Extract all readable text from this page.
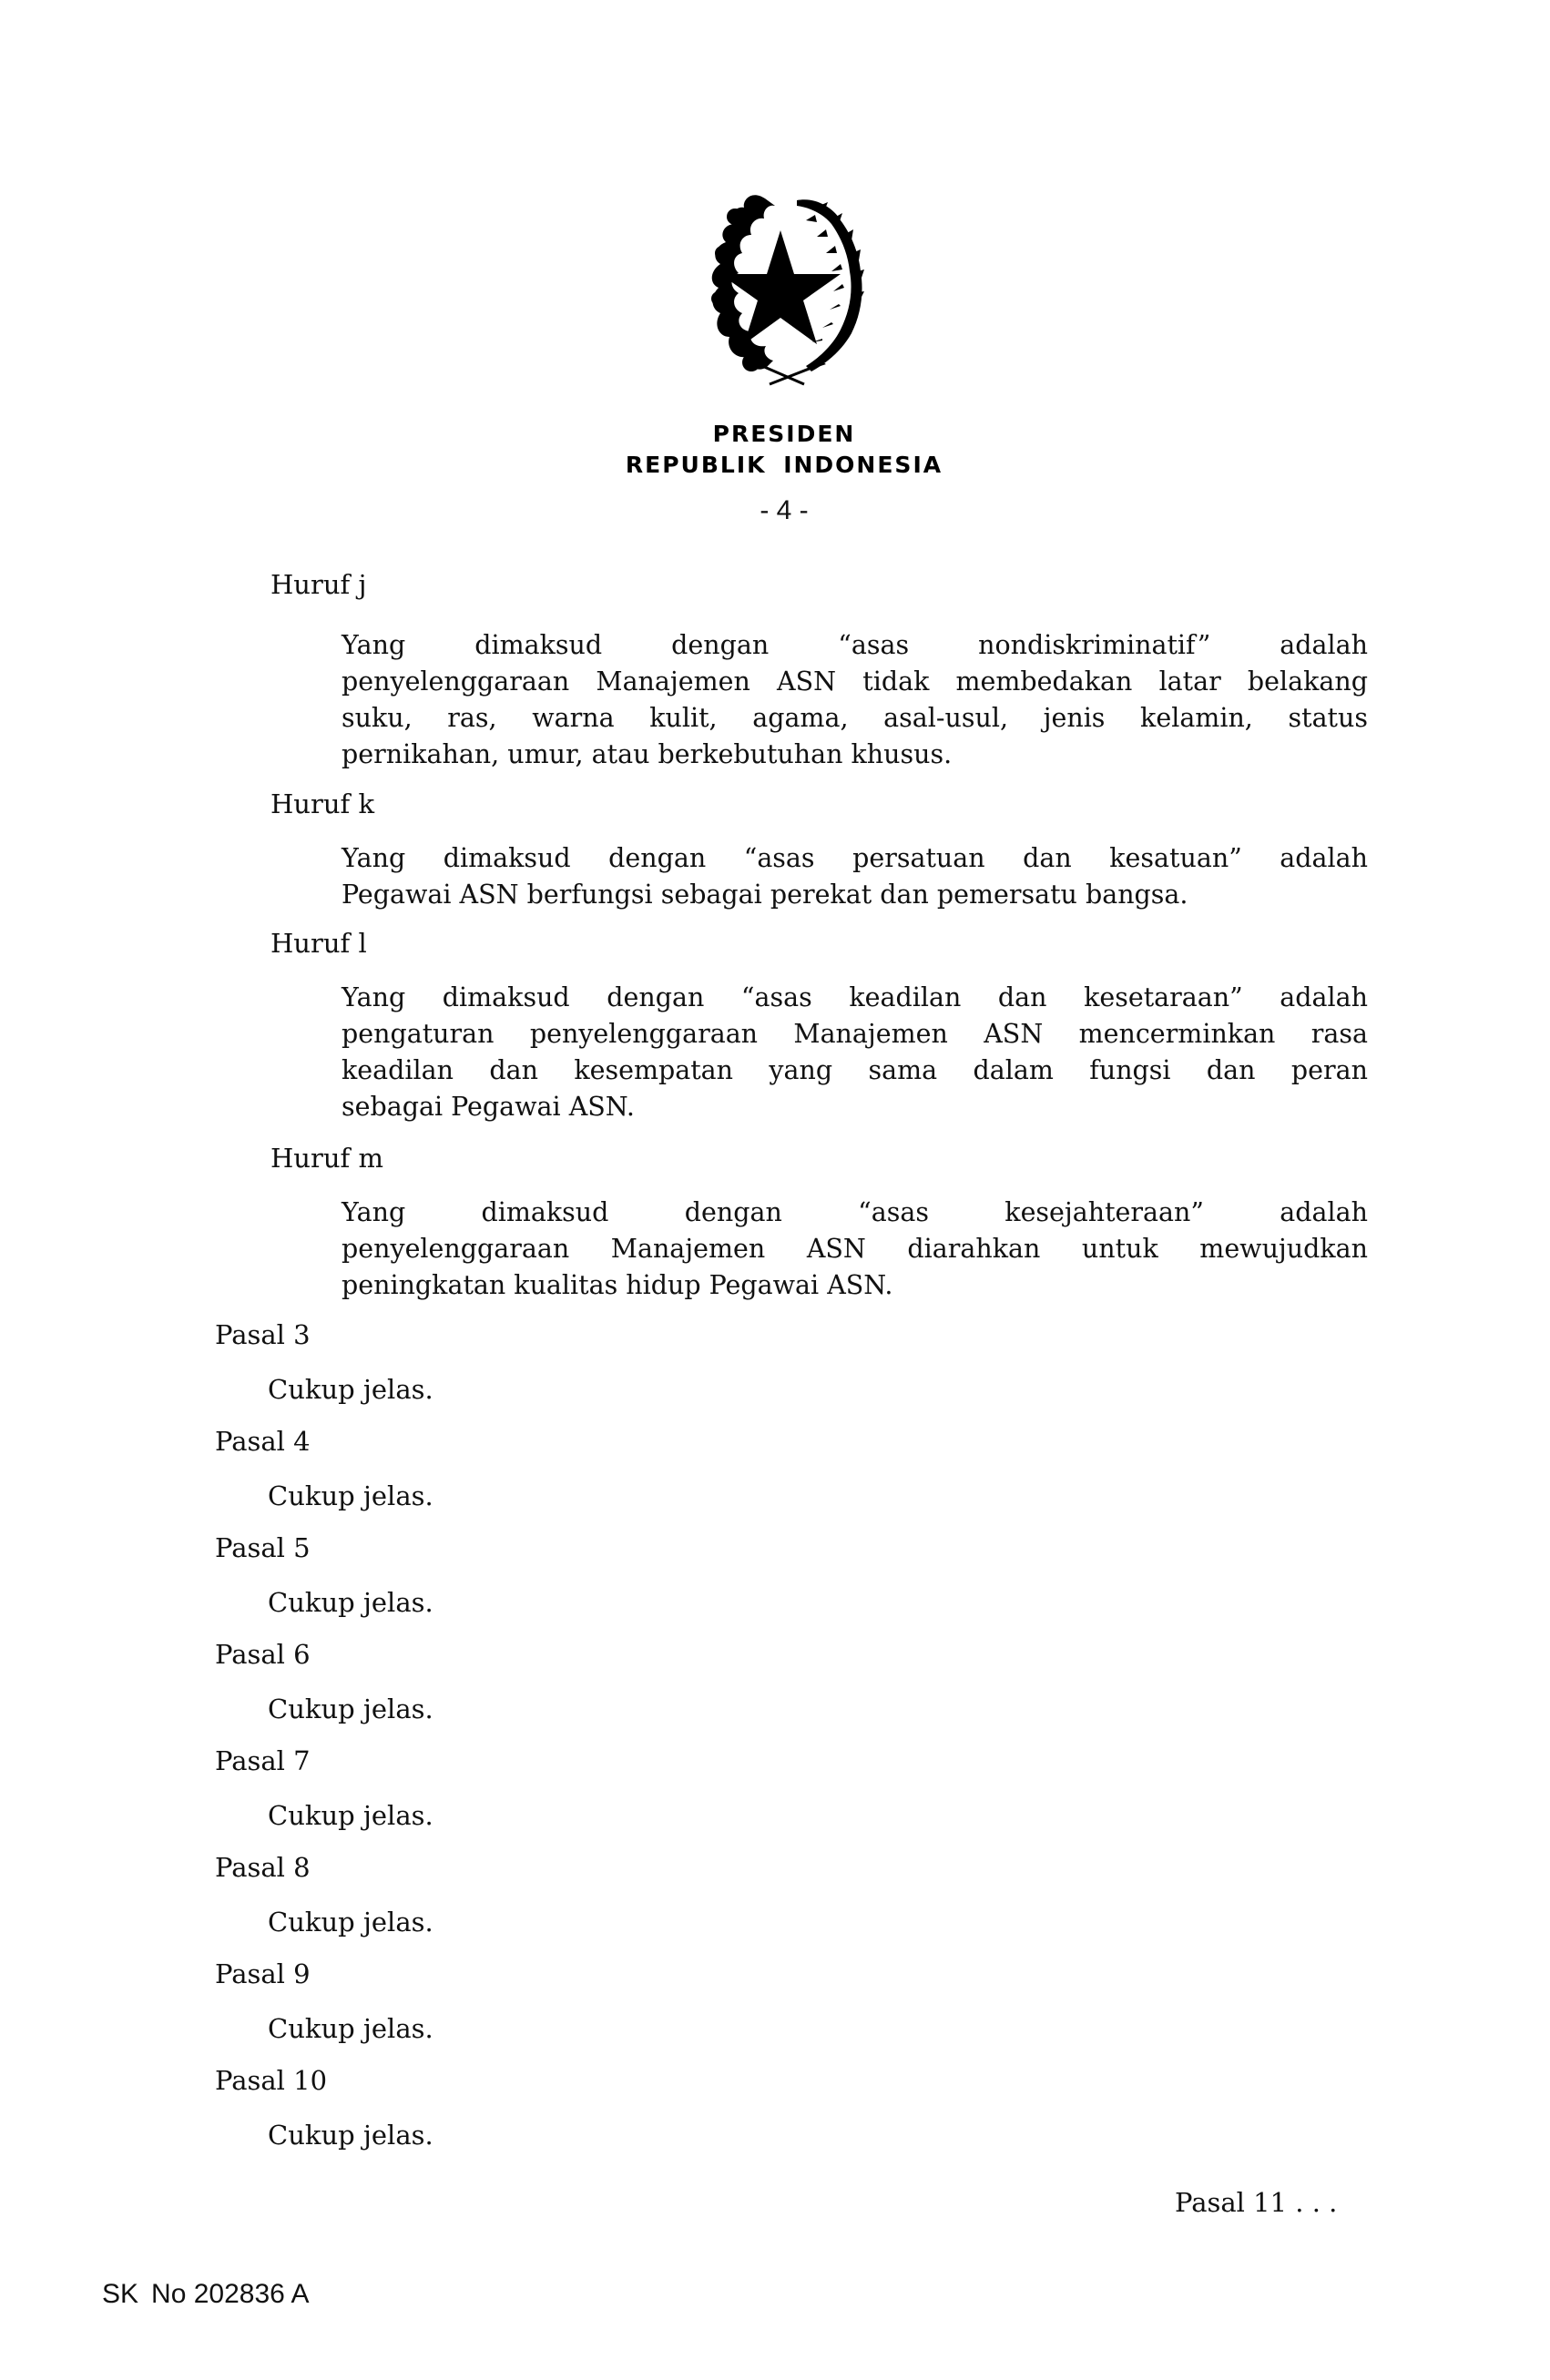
PRESIDEN
REPUBLIK INDONESIA
- 4 -
Huruf j
Yang dimaksud dengan “asas nondiskriminatif” adalah
penyelenggaraan Manajemen ASN tidak membedakan latar belakang
suku, ras, warna kulit, agama, asal-usul, jenis kelamin, status
pernikahan, umur, atau berkebutuhan khusus.
Huruf k
Yang dimaksud dengan “asas persatuan dan kesatuan” adalah
Pegawai ASN berfungsi sebagai perekat dan pemersatu bangsa.
Huruf l
Yang dimaksud dengan “asas keadilan dan kesetaraan” adalah
pengaturan penyelenggaraan Manajemen ASN mencerminkan rasa
keadilan dan kesempatan yang sama dalam fungsi dan peran
sebagai Pegawai ASN.
Huruf m
Yang dimaksud dengan “asas kesejahteraan” adalah
penyelenggaraan Manajemen ASN diarahkan untuk mewujudkan
peningkatan kualitas hidup Pegawai ASN.
Pasal 3
Cukup jelas.
Pasal 4
Cukup jelas.
Pasal 5
Cukup jelas.
Pasal 6
Cukup jelas.
Pasal 7
Cukup jelas.
Pasal 8
Cukup jelas.
Pasal 9
Cukup jelas.
Pasal 10
Cukup jelas.
Pasal 11 . . .
SK No 202836 A
